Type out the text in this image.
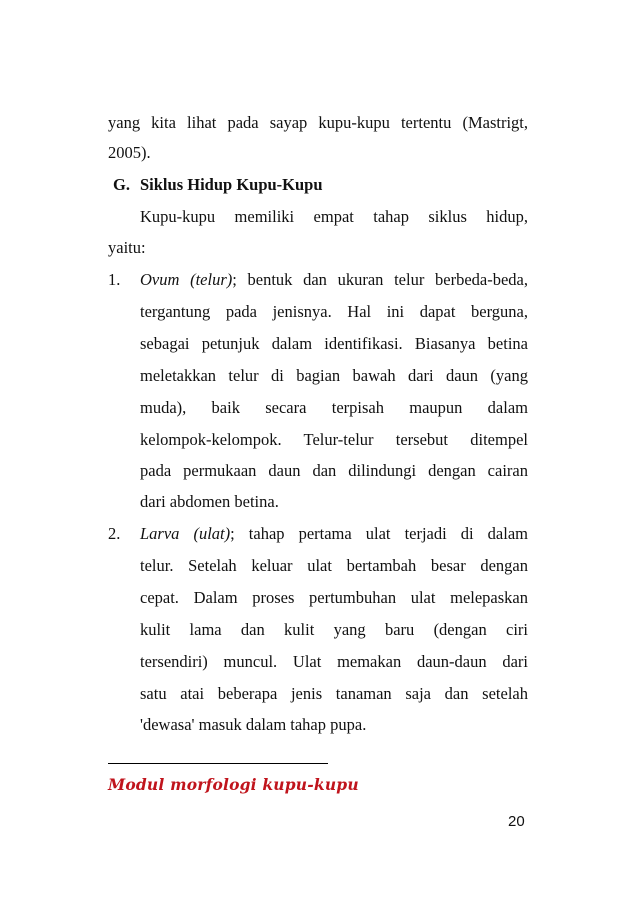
yang kita lihat pada sayap kupu-kupu tertentu (Mastrigt,
2005).
G. Siklus Hidup Kupu-Kupu
Kupu-kupu memiliki empat tahap siklus hidup,
yaitu:
1. Ovum (telur); bentuk dan ukuran telur berbeda-beda,
tergantung pada jenisnya. Hal ini dapat berguna,
sebagai petunjuk dalam identifikasi. Biasanya betina
meletakkan telur di bagian bawah dari daun (yang
muda), baik secara terpisah maupun dalam
kelompok-kelompok. Telur-telur tersebut ditempel
pada permukaan daun dan dilindungi dengan cairan
dari abdomen betina.
2. Larva (ulat); tahap pertama ulat terjadi di dalam
telur. Setelah keluar ulat bertambah besar dengan
cepat. Dalam proses pertumbuhan ulat melepaskan
kulit lama dan kulit yang baru (dengan ciri
tersendiri) muncul. Ulat memakan daun-daun dari
satu atai beberapa jenis tanaman saja dan setelah
'dewasa' masuk dalam tahap pupa.
Modul morfologi kupu-kupu
20
